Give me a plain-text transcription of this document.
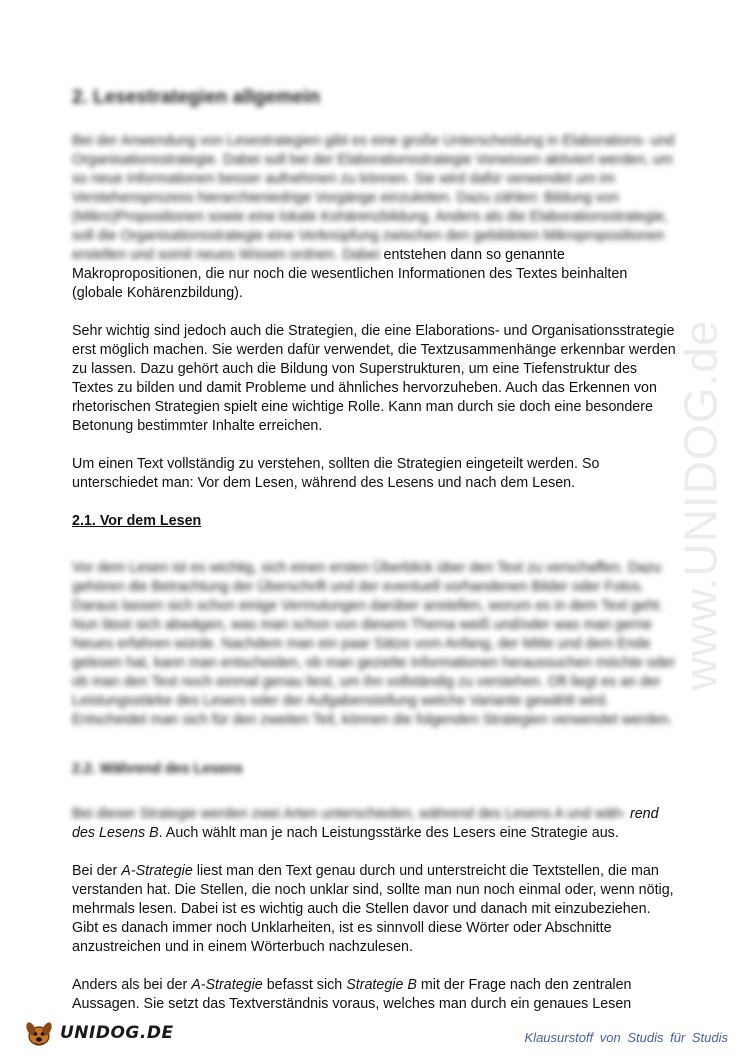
www.UNIDOG.de
2. Lesestrategien allgemein

Bei der Anwendung von Lesestrategien gibt es eine große Unterscheidung in Elaborations- und Organisationsstrategie. Dabei soll bei der Elaborationsstrategie Vorwissen aktiviert werden, um so neue Informationen besser aufnehmen zu können. Sie wird dafür verwendet um im Verstehensprozess hierarchieniedrige Vorgänge einzuleiten. Dazu zählen: Bildung von (Mikro)Propositionen sowie eine lokale Kohärenzbildung. Anders als die Elaborationsstrategie, soll die Organisationsstrategie eine Verknüpfung zwischen den gebildeten Mikropropositionen erstellen und somit neues Wissen ordnen. Dabei entstehen dann so genannte Makropropositionen, die nur noch die wesentlichen Informationen des Textes beinhalten (globale Kohärenzbildung).

Sehr wichtig sind jedoch auch die Strategien, die eine Elaborations- und Organisationsstrategie erst möglich machen. Sie werden dafür verwendet, die Textzusammenhänge erkennbar werden zu lassen. Dazu gehört auch die Bildung von Superstrukturen, um eine Tiefenstruktur des Textes zu bilden und damit Probleme und ähnliches hervorzuheben. Auch das Erkennen von rhetorischen Strategien spielt eine wichtige Rolle. Kann man durch sie doch eine besondere Betonung bestimmter Inhalte erreichen.

Um einen Text vollständig zu verstehen, sollten die Strategien eingeteilt werden. So unterschiedet man: Vor dem Lesen, während des Lesens und nach dem Lesen.

2.1. Vor dem Lesen

Vor dem Lesen ist es wichtig, sich einen ersten Überblick über den Text zu verschaffen. Dazu gehören die Betrachtung der Überschrift und der eventuell vorhandenen Bilder oder Fotos. Daraus lassen sich schon einige Vermutungen darüber anstellen, worum es in dem Text geht. Nun lässt sich abwägen, was man schon von diesem Thema weiß und/oder was man gerne Neues erfahren würde. Nachdem man ein paar Sätze vom Anfang, der Mitte und dem Ende gelesen hat, kann man entscheiden, ob man gezielte Informationen heraussuchen möchte oder ob man den Text noch einmal genau liest, um ihn vollständig zu verstehen. Oft liegt es an der Leistungsstärke des Lesers oder der Aufgabenstellung welche Variante gewählt wird. Entscheidet man sich für den zweiten Teil, können die folgenden Strategien verwendet werden.

2.2. Während des Lesens

Bei dieser Strategie werden zwei Arten unterschieden, während des Lesens A und wäh- rend des Lesens B. Auch wählt man je nach Leistungsstärke des Lesers eine Strategie aus.

Bei der A-Strategie liest man den Text genau durch und unterstreicht die Textstellen, die man verstanden hat. Die Stellen, die noch unklar sind, sollte man nun noch einmal oder, wenn nötig, mehrmals lesen. Dabei ist es wichtig auch die Stellen davor und danach mit einzubeziehen. Gibt es danach immer noch Unklarheiten, ist es sinnvoll diese Wörter oder Abschnitte anzustreichen und in einem Wörterbuch nachzulesen.

Anders als bei der A-Strategie befasst sich Strategie B mit der Frage nach den zentralen Aussagen. Sie setzt das Textverständnis voraus, welches man durch ein genaues Lesen

UNIDOG.DE	Klausurstoff von Studis für Studis
